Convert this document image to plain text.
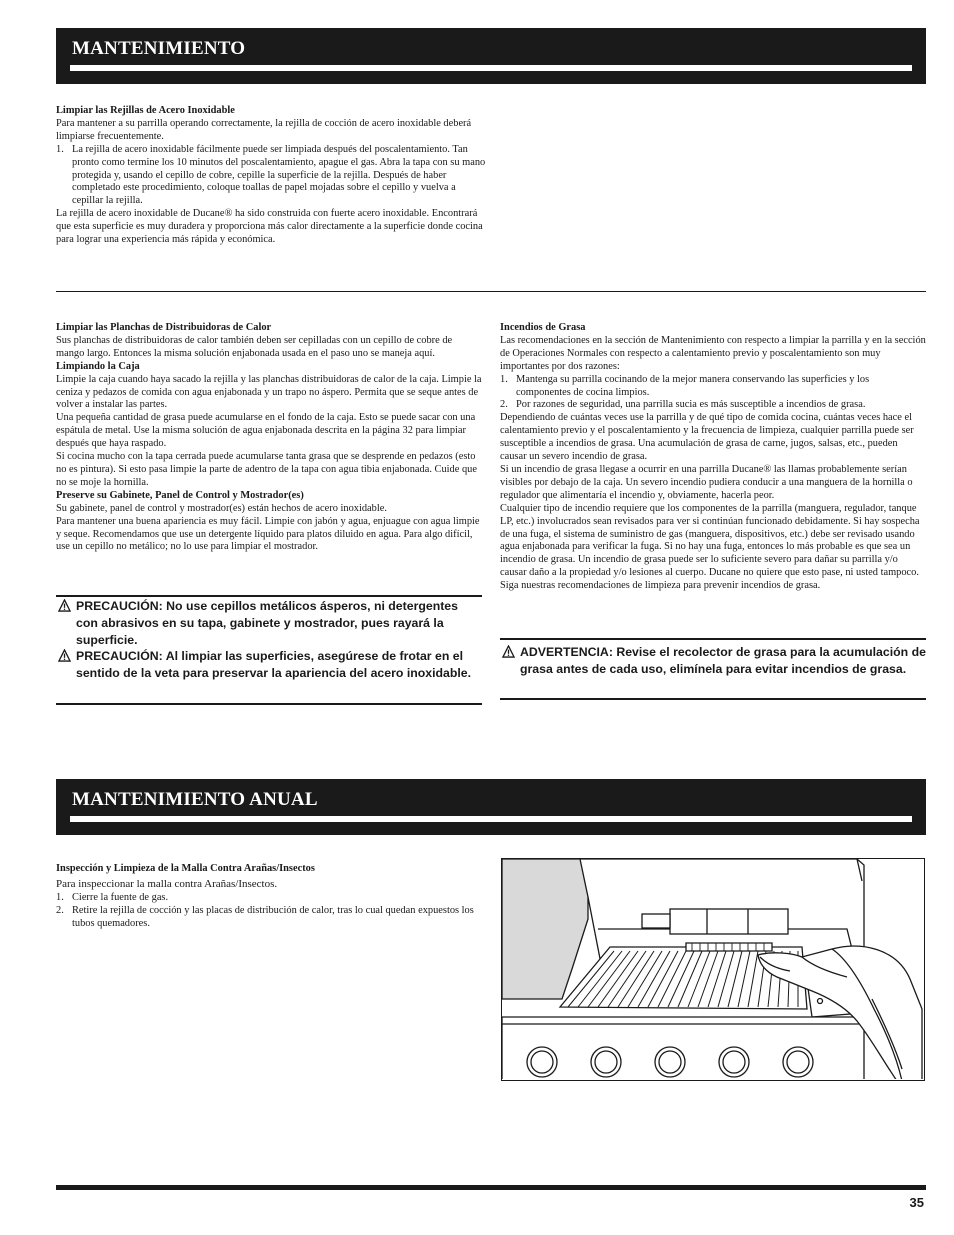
MANTENIMIENTO

Limpiar las Rejillas de Acero Inoxidable

Para mantener a su parrilla operando correctamente, la rejilla de cocción de acero inoxidable deberá limpiarse frecuentemente.

1. La rejilla de acero inoxidable fácilmente puede ser limpiada después del poscalentamiento. Tan pronto como termine los 10 minutos del poscalentamiento, apague el gas. Abra la tapa con su mano protegida y, usando el cepillo de cobre, cepille la superficie de la rejilla. Después de haber completado este procedimiento, coloque toallas de papel mojadas sobre el cepillo y vuelva a cepillar la rejilla.

La rejilla de acero inoxidable de Ducane® ha sido construida con fuerte acero inoxidable. Encontrará que esta superficie es muy duradera y proporciona más calor directamente a la superficie donde cocina para lograr una experiencia más rápida y económica.

Limpiar las Planchas de Distribuidoras de Calor

Sus planchas de distribuidoras de calor también deben ser cepilladas con un cepillo de cobre de mango largo. Entonces la misma solución enjabonada usada en el paso uno se maneja aquí.

Limpiando la Caja

Limpie la caja cuando haya sacado la rejilla y las planchas distribuidoras de calor de la caja. Limpie la ceniza y pedazos de comida con agua enjabonada y un trapo no áspero. Permita que se seque antes de volver a instalar las partes.

Una pequeña cantidad de grasa puede acumularse en el fondo de la caja. Esto se puede sacar con una espátula de metal. Use la misma solución de agua enjabonada descrita en la página 32 para limpiar después que haya raspado.

Si cocina mucho con la tapa cerrada puede acumularse tanta grasa que se desprende en pedazos (esto no es pintura). Si esto pasa limpie la parte de adentro de la tapa con agua tibia enjabonada. Cuide que no se moje la hornilla.

Preserve su Gabinete, Panel de Control y Mostrador(es)

Su gabinete, panel de control y mostrador(es) están hechos de acero inoxidable.

Para mantener una buena apariencia es muy fácil. Limpie con jabón y agua, enjuague con agua limpie y seque. Recomendamos que use un detergente líquido para platos diluido en agua. Para algo difícil, use un cepillo no metálico; no lo use para limpiar el mostrador.

PRECAUCIÓN: No use cepillos metálicos ásperos, ni detergentes con abrasivos en su tapa, gabinete y mostrador, pues rayará la superficie.
PRECAUCIÓN: Al limpiar las superficies, asegúrese de frotar en el sentido de la veta para preservar la apariencia del acero inoxidable.

Incendios de Grasa

Las recomendaciones en la sección de Mantenimiento con respecto a limpiar la parrilla y en la sección de Operaciones Normales con respecto a calentamiento previo y poscalentamiento son muy importantes por dos razones:

1. Mantenga su parrilla cocinando de la mejor manera conservando las superficies y los componentes de cocina limpios.
2. Por razones de seguridad, una parrilla sucia es más susceptible a incendios de grasa.

Dependiendo de cuántas veces use la parrilla y de qué tipo de comida cocina, cuántas veces hace el calentamiento previo y el poscalentamiento y la frecuencia de limpieza, cualquier parrilla puede ser susceptible a incendios de grasa. Una acumulación de grasa de carne, jugos, salsas, etc., pueden causar un severo incendio de grasa.

Si un incendio de grasa llegase a ocurrir en una parrilla Ducane® las llamas probablemente serían visibles por debajo de la caja. Un severo incendio pudiera conducir a una manguera de la hornilla o regulador que alimentaría el incendio y, obviamente, hacerla peor.

Cualquier tipo de incendio requiere que los componentes de la parrilla (manguera, regulador, tanque LP, etc.) involucrados sean revisados para ver si continúan funcionado debidamente. Si hay sospecha de una fuga, el sistema de suministro de gas (manguera, dispositivos, etc.) debe ser revisado usando agua enjabonada para verificar la fuga. Si no hay una fuga, entonces lo más probable es que sea un incendio de grasa. Un incendio de grasa puede ser lo suficiente severo para dañar su parrilla y/o causar daño a la propiedad y/o lesiones al cuerpo. Ducane no quiere que esto pase, ni usted tampoco. Siga nuestras recomendaciones de limpieza para prevenir incendios de grasa.

ADVERTENCIA: Revise el recolector de grasa para la acumulación de grasa antes de cada uso, elimínela para evitar incendios de grasa.
MANTENIMIENTO ANUAL

Inspección y Limpieza de la Malla Contra Arañas/Insectos

Para inspeccionar la malla contra Arañas/Insectos.

1. Cierre la fuente de gas.
2. Retire la rejilla de cocción y las placas de distribución de calor, tras lo cual quedan expuestos los tubos quemadores.
35
